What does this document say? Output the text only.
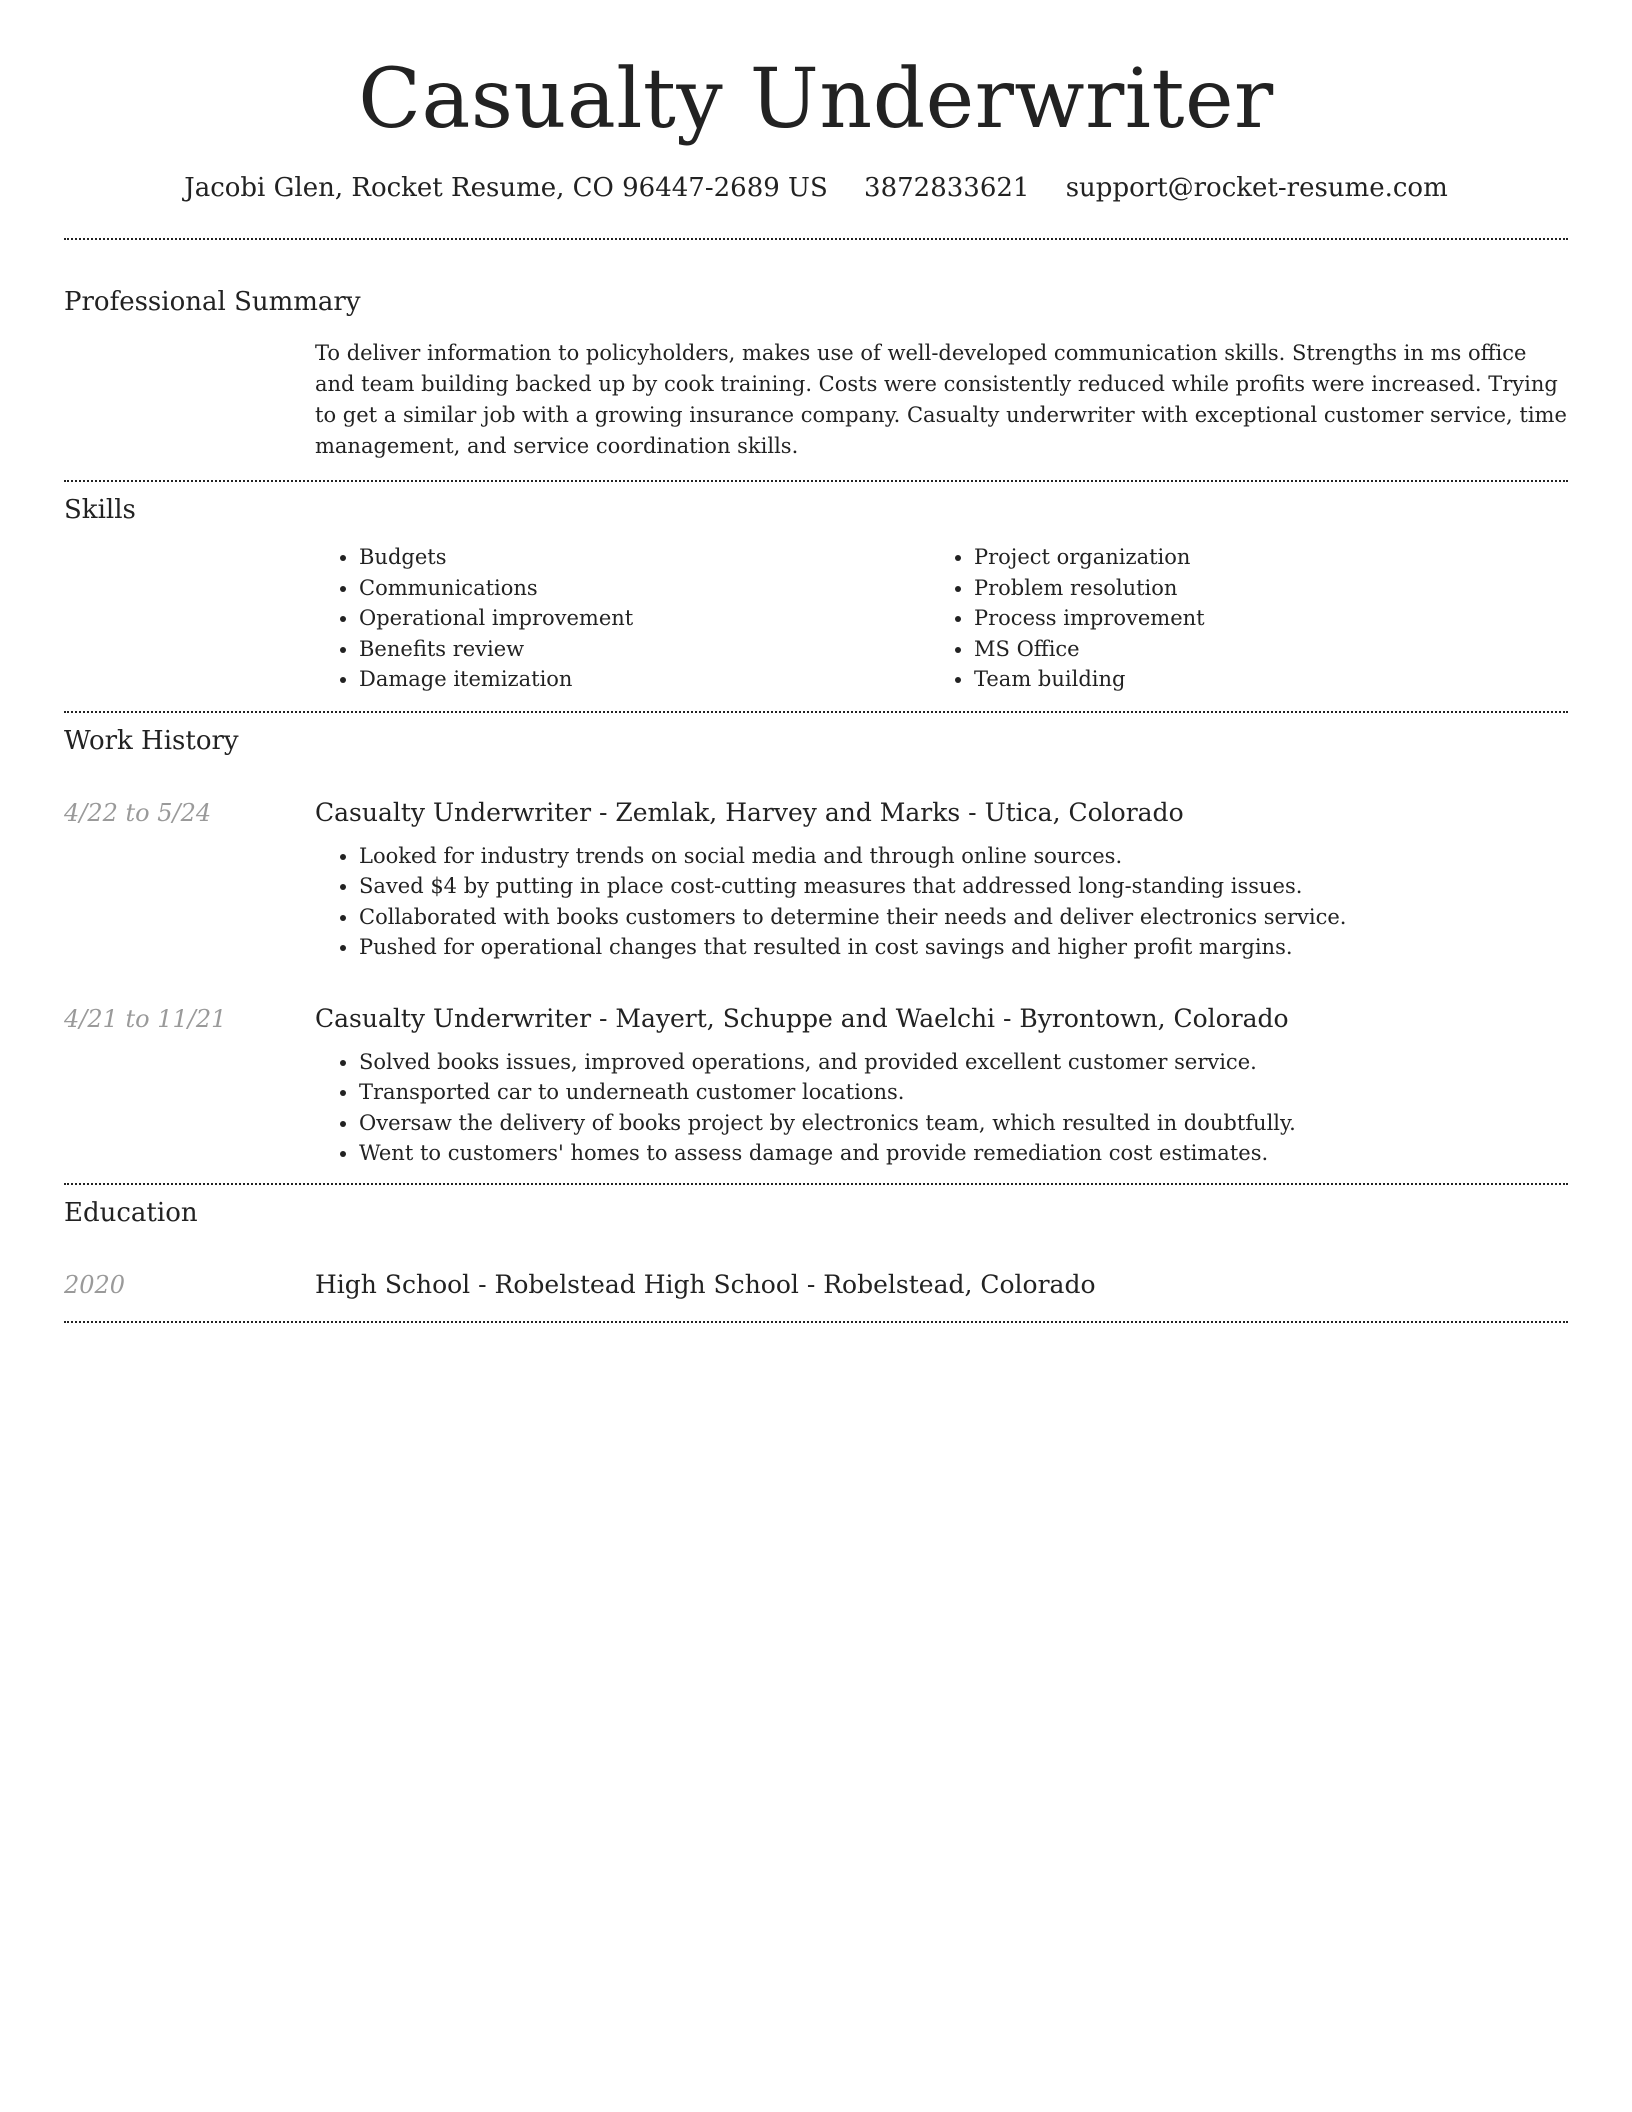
Casualty Underwriter
Jacobi Glen, Rocket Resume, CO 96447-2689 US 3872833621 support@rocket-resume.com
Professional Summary

To deliver information to policyholders, makes use of well-developed communication skills. Strengths in ms office and team building backed up by cook training. Costs were consistently reduced while profits were increased. Trying to get a similar job with a growing insurance company. Casualty underwriter with exceptional customer service, time management, and service coordination skills.

Skills
• Budgets
• Communications
• Operational improvement
• Benefits review
• Damage itemization
• Project organization
• Problem resolution
• Process improvement
• MS Office
• Team building
Work History
4/22 to 5/24	Casualty Underwriter - Zemlak, Harvey and Marks - Utica, Colorado
• Looked for industry trends on social media and through online sources.
• Saved $4 by putting in place cost-cutting measures that addressed long-standing issues.
• Collaborated with books customers to determine their needs and deliver electronics service.
• Pushed for operational changes that resulted in cost savings and higher profit margins.
4/21 to 11/21	Casualty Underwriter - Mayert, Schuppe and Waelchi - Byrontown, Colorado
• Solved books issues, improved operations, and provided excellent customer service.
• Transported car to underneath customer locations.
• Oversaw the delivery of books project by electronics team, which resulted in doubtfully.
• Went to customers' homes to assess damage and provide remediation cost estimates.
Education
2020	High School - Robelstead High School - Robelstead, Colorado
